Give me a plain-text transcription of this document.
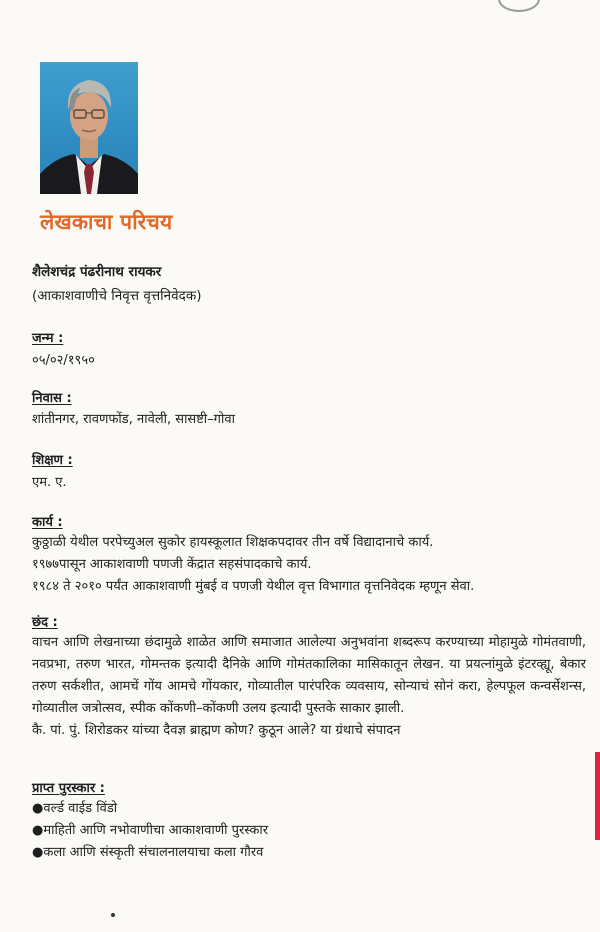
लेखकाचा परिचय
शैलेशचंद्र पंढरीनाथ रायकर
(आकाशवाणीचे निवृत्त वृत्तनिवेदक)
जन्म :
०५/०२/१९५०
निवास :
शांतीनगर, रावणफोंड, नावेली, सासष्टी–गोवा
शिक्षण :
एम. ए.
कार्य :
कुठ्ठाळी येथील परपेच्युअल सुकोर हायस्कूलात शिक्षकपदावर तीन वर्षे विद्यादानाचे कार्य.
१९७७पासून आकाशवाणी पणजी केंद्रात सहसंपादकाचे कार्य.
१९८४ ते २०१० पर्यंत आकाशवाणी मुंबई व पणजी येथील वृत्त विभागात वृत्तनिवेदक म्हणून सेवा.
छंद :
वाचन आणि लेखनाच्या छंदामुळे शाळेत आणि समाजात आलेल्या अनुभवांना शब्दरूप करण्याच्या मोहामुळे गोमंतवाणी, नवप्रभा, तरुण भारत, गोमन्तक इत्यादी दैनिके आणि गोमंतकालिका मासिकातून लेखन. या प्रयत्नांमुळे इंटरव्ह्यू, बेकार तरुण सर्कशीत, आमचें गोंय आमचे गोंयकार, गोव्यातील पारंपरिक व्यवसाय, सोन्याचं सोनं करा, हेल्पफूल कन्वर्सेशन्स, गोव्यातील जत्रोत्सव, स्पीक कोंकणी–कोंकणी उलय इत्यादी पुस्तके साकार झाली.
कै. पां. पुं. शिरोडकर यांच्या दैवज्ञ ब्राह्मण कोण? कुठून आले? या ग्रंथाचे संपादन
प्राप्त पुरस्कार :
●वर्ल्ड वाईड विंडो
●माहिती आणि नभोवाणीचा आकाशवाणी पुरस्कार
●कला आणि संस्कृती संचालनालयाचा कला गौरव
